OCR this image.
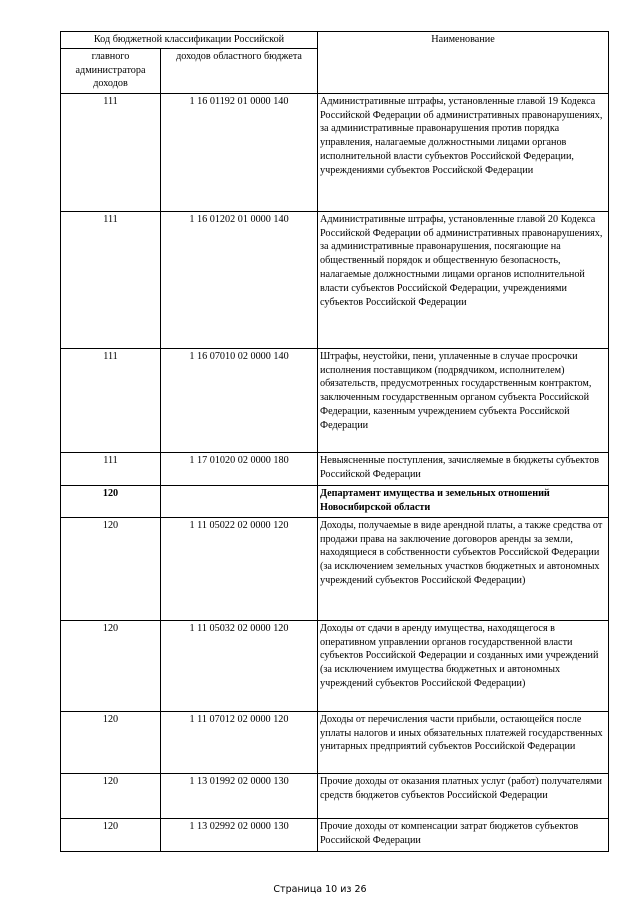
Код бюджетной классификации Российской		Наименование
главного администратора доходов	доходов областного бюджета	
111	1 16 01192 01 0000 140	Административные штрафы, установленные главой 19 Кодекса Российской Федерации об административных правонарушениях, за административные правонарушения против порядка управления, налагаемые должностными лицами органов исполнительной власти субъектов Российской Федерации, учреждениями субъектов Российской Федерации
111	1 16 01202 01 0000 140	Административные штрафы, установленные главой 20 Кодекса Российской Федерации об административных правонарушениях, за административные правонарушения, посягающие на общественный порядок и общественную безопасность, налагаемые должностными лицами органов исполнительной власти субъектов Российской Федерации, учреждениями субъектов Российской Федерации
111	1 16 07010 02 0000 140	Штрафы, неустойки, пени, уплаченные в случае просрочки исполнения поставщиком (подрядчиком, исполнителем) обязательств, предусмотренных государственным контрактом, заключенным государственным органом субъекта Российской Федерации, казенным учреждением субъекта Российской Федерации
111	1 17 01020 02 0000 180	Невыясненные поступления, зачисляемые в бюджеты субъектов Российской Федерации
120		Департамент имущества и земельных отношений Новосибирской области
120	1 11 05022 02 0000 120	Доходы, получаемые в виде арендной платы, а также средства от продажи права на заключение договоров аренды за земли, находящиеся в собственности субъектов Российской Федерации (за исключением земельных участков бюджетных и автономных учреждений субъектов Российской Федерации)
120	1 11 05032 02 0000 120	Доходы от сдачи в аренду имущества, находящегося в оперативном управлении органов государственной власти субъектов Российской Федерации и созданных ими учреждений (за исключением имущества бюджетных и автономных учреждений субъектов Российской Федерации)
120	1 11 07012 02 0000 120	Доходы от перечисления части прибыли, остающейся после уплаты налогов и иных обязательных платежей государственных унитарных предприятий субъектов Российской Федерации
120	1 13 01992 02 0000 130	Прочие доходы от оказания платных услуг (работ) получателями средств бюджетов субъектов Российской Федерации
120	1 13 02992 02 0000 130	Прочие доходы от компенсации затрат бюджетов субъектов Российской Федерации
Страница 10 из 26
